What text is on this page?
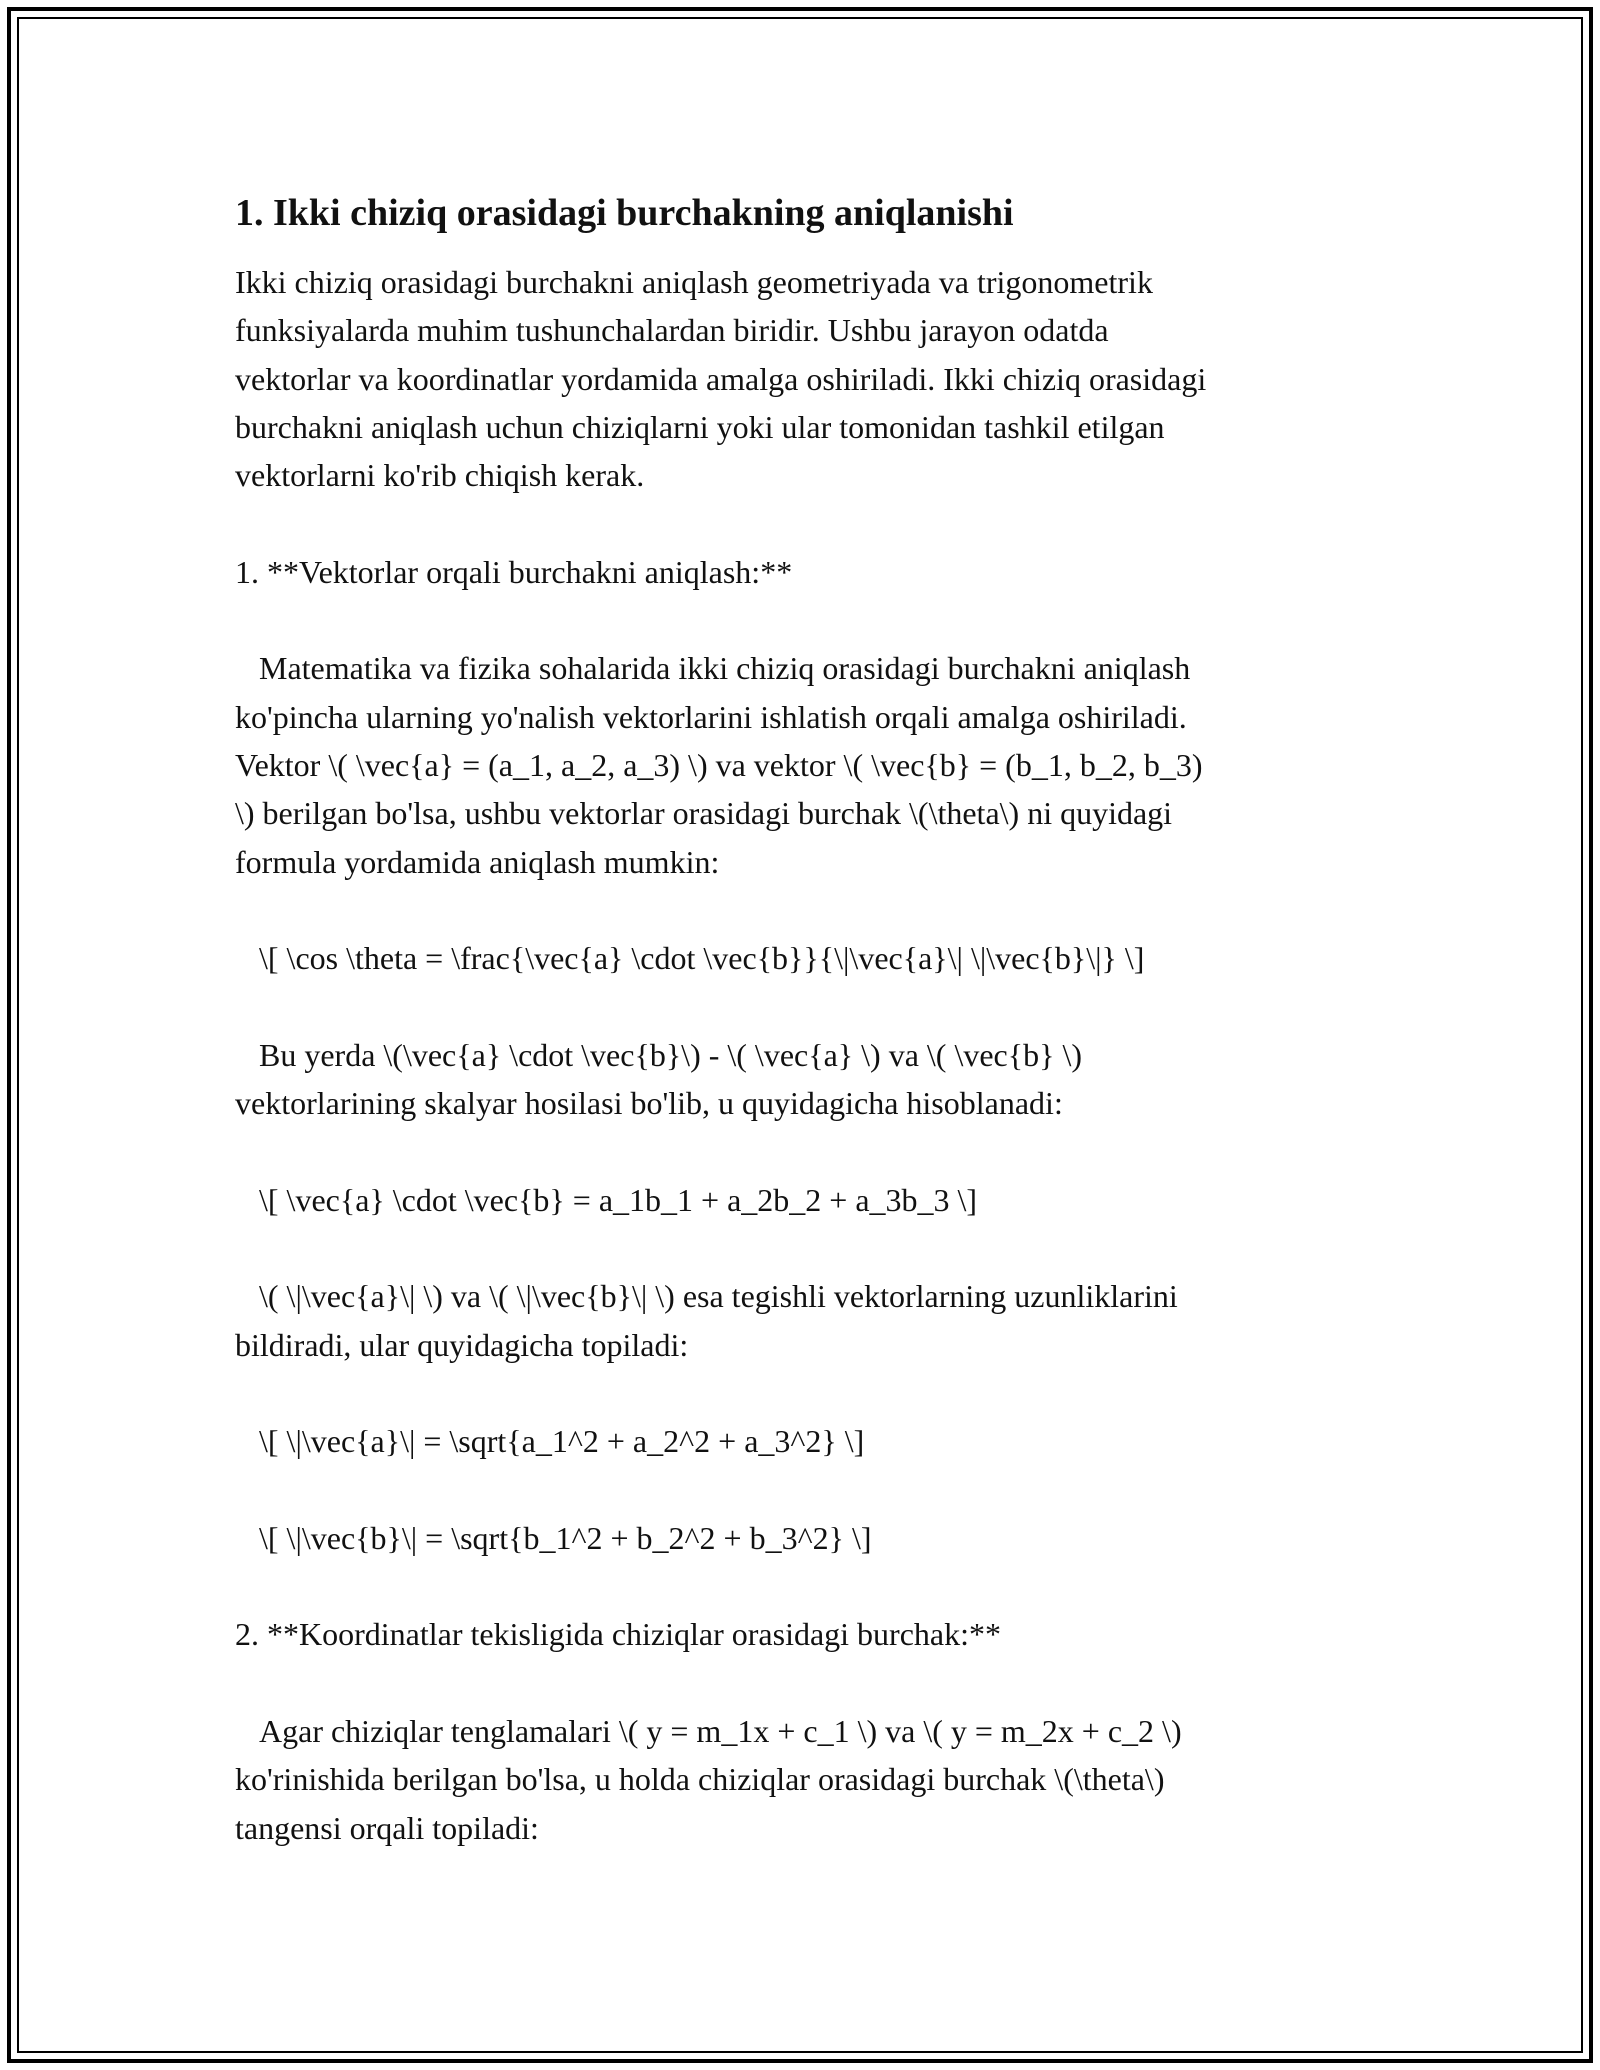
1. Ikki chiziq orasidagi burchakning aniqlanishi

Ikki chiziq orasidagi burchakni aniqlash geometriyada va trigonometrik
funksiyalarda muhim tushunchalardan biridir. Ushbu jarayon odatda
vektorlar va koordinatlar yordamida amalga oshiriladi. Ikki chiziq orasidagi
burchakni aniqlash uchun chiziqlarni yoki ular tomonidan tashkil etilgan
vektorlarni ko'rib chiqish kerak.

1. **Vektorlar orqali burchakni aniqlash:**

Matematika va fizika sohalarida ikki chiziq orasidagi burchakni aniqlash
ko'pincha ularning yo'nalish vektorlarini ishlatish orqali amalga oshiriladi.
Vektor \( \vec{a} = (a_1, a_2, a_3) \) va vektor \( \vec{b} = (b_1, b_2, b_3)
\) berilgan bo'lsa, ushbu vektorlar orasidagi burchak \(\theta\) ni quyidagi
formula yordamida aniqlash mumkin:

\[ \cos \theta = \frac{\vec{a} \cdot \vec{b}}{\|\vec{a}\| \|\vec{b}\|} \]

Bu yerda \(\vec{a} \cdot \vec{b}\) - \( \vec{a} \) va \( \vec{b} \)
vektorlarining skalyar hosilasi bo'lib, u quyidagicha hisoblanadi:

\[ \vec{a} \cdot \vec{b} = a_1b_1 + a_2b_2 + a_3b_3 \]

\( \|\vec{a}\| \) va \( \|\vec{b}\| \) esa tegishli vektorlarning uzunliklarini
bildiradi, ular quyidagicha topiladi:

\[ \|\vec{a}\| = \sqrt{a_1^2 + a_2^2 + a_3^2} \]

\[ \|\vec{b}\| = \sqrt{b_1^2 + b_2^2 + b_3^2} \]

2. **Koordinatlar tekisligida chiziqlar orasidagi burchak:**

Agar chiziqlar tenglamalari \( y = m_1x + c_1 \) va \( y = m_2x + c_2 \)
ko'rinishida berilgan bo'lsa, u holda chiziqlar orasidagi burchak \(\theta\)
tangensi orqali topiladi:
